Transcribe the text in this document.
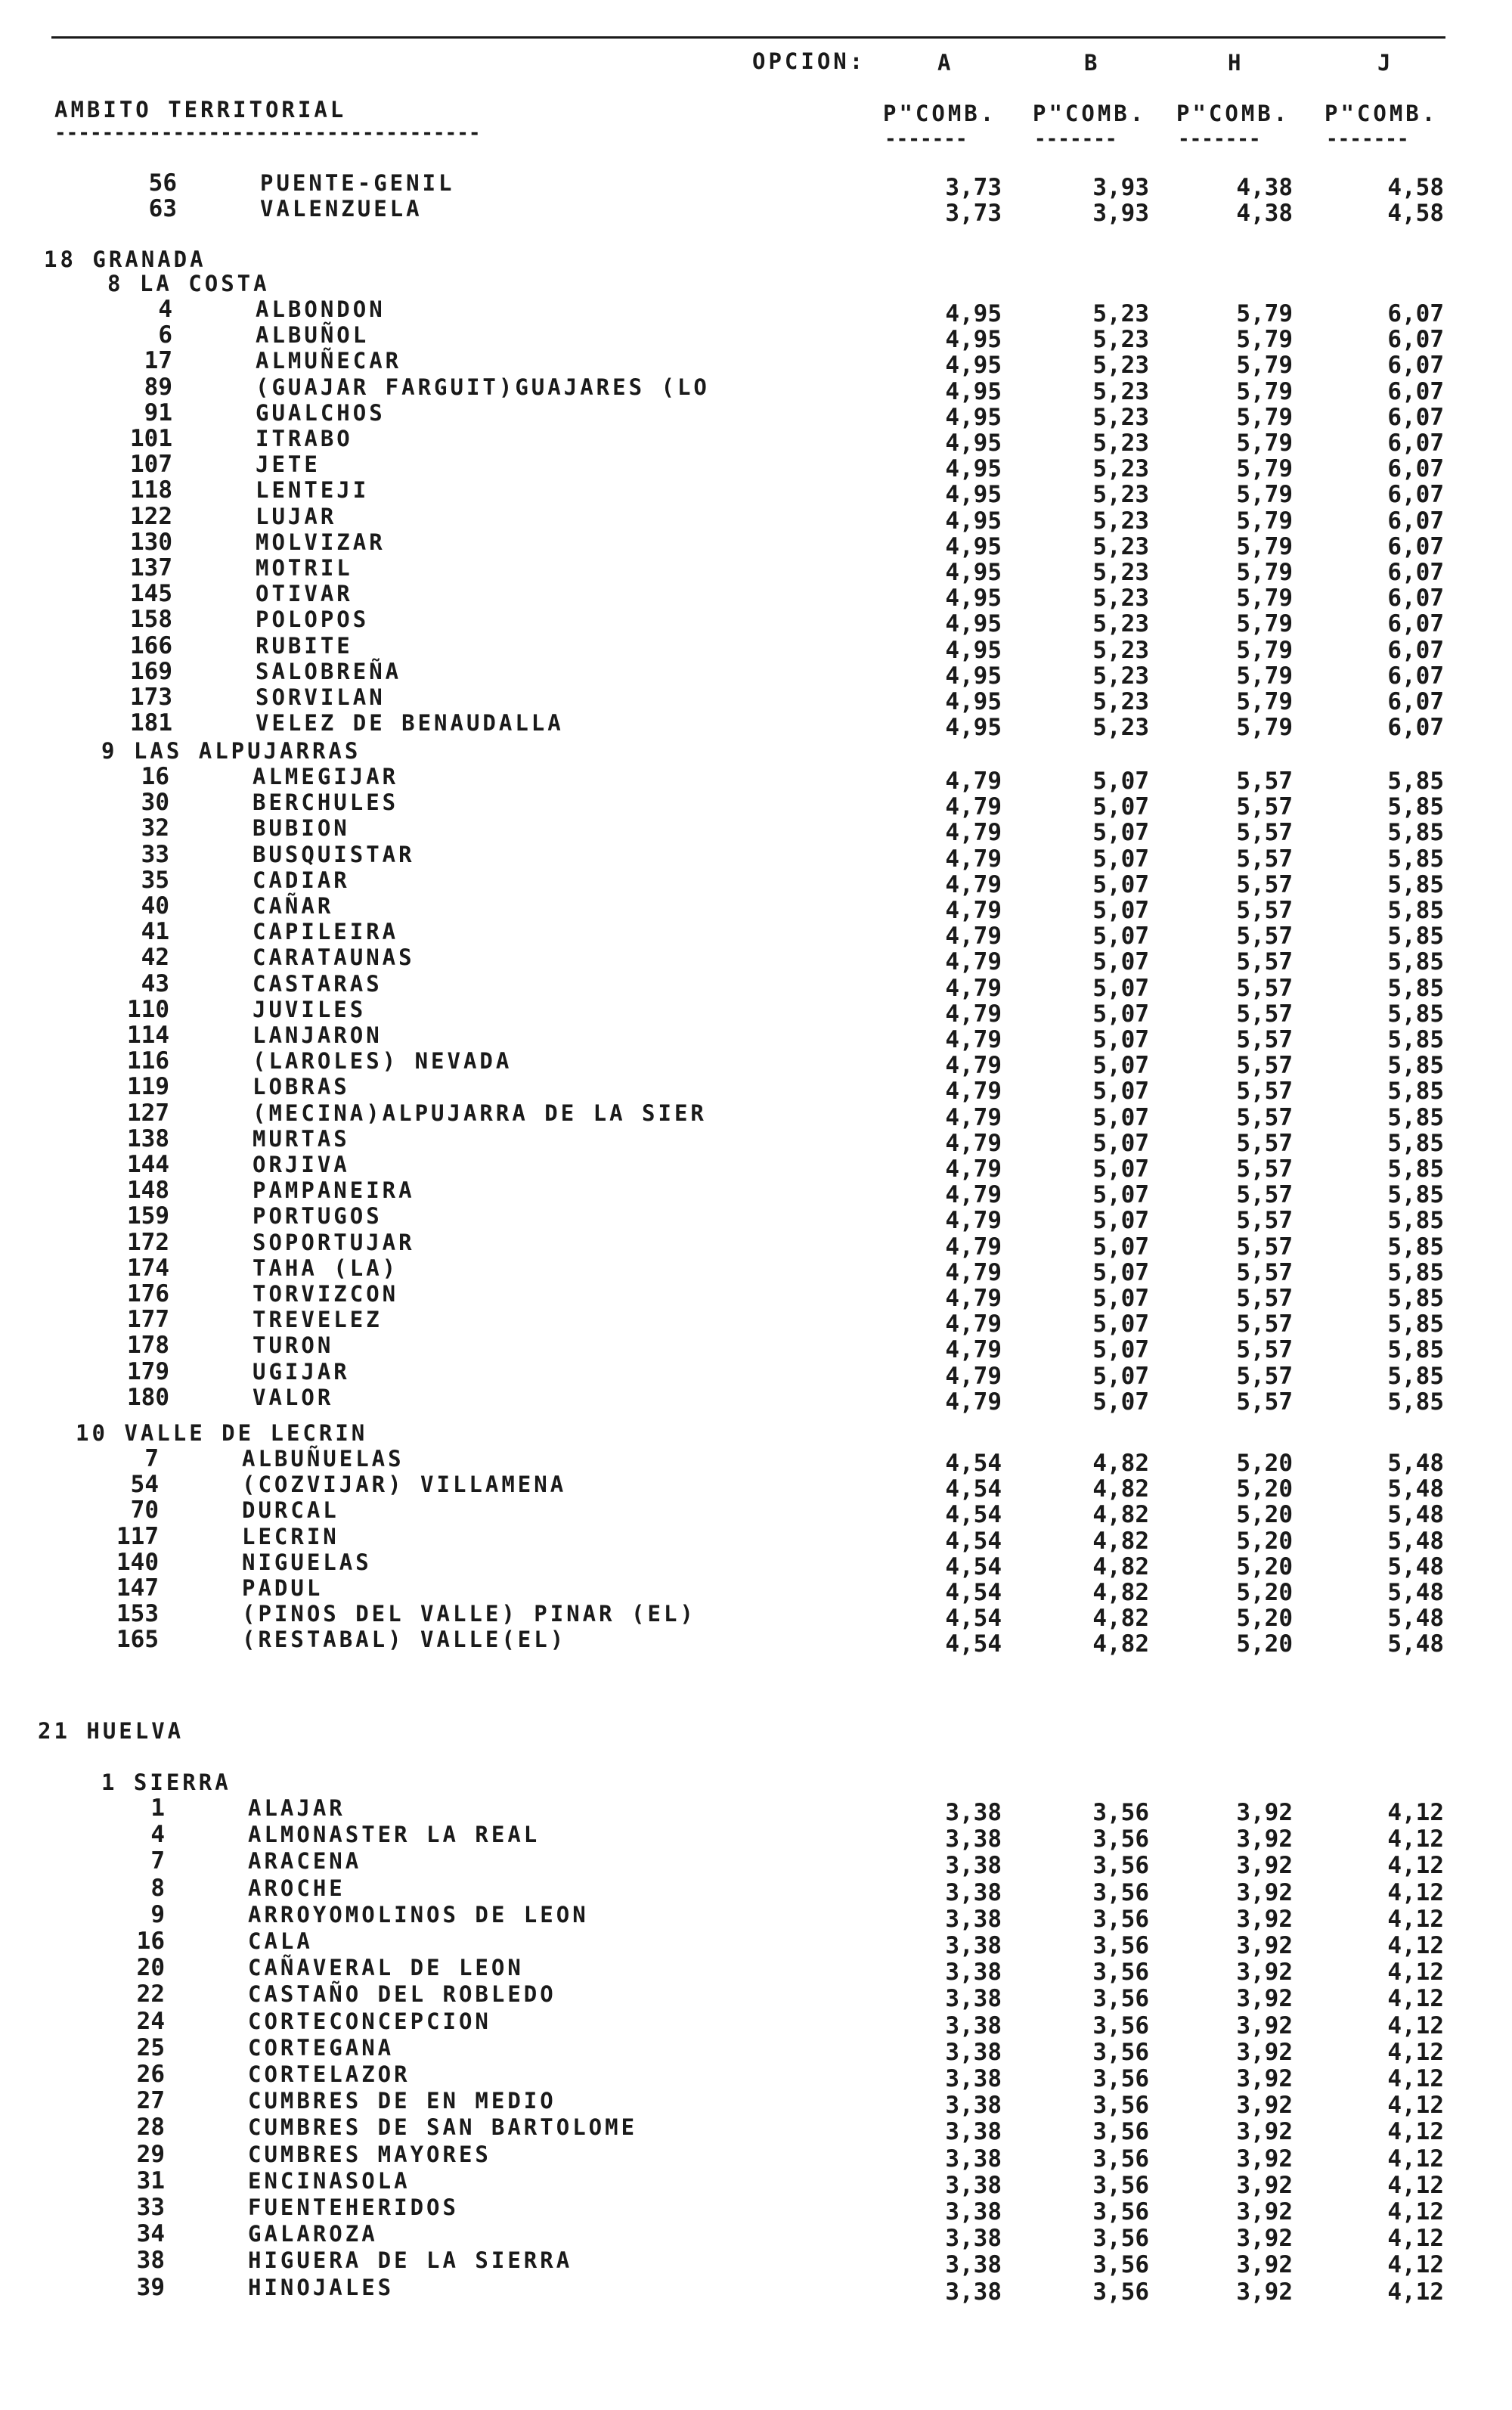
OPCION:	A	B	H	J
AMBITO TERRITORIAL
------------------------------------
P"COMB. P"COMB. P"COMB. P"COMB.
-------	-------	-------	-------
56	PUENTE-GENIL	3,73	3,93	4,38	4,58
63	VALENZUELA	3,73	3,93	4,38	4,58
18 GRANADA
8 LA COSTA
4	ALBONDON	4,95	5,23	5,79	6,07
6	ALBUÑOL	4,95	5,23	5,79	6,07
17	ALMUÑECAR	4,95	5,23	5,79	6,07
89	(GUAJAR FARGUIT)GUAJARES (LO	4,95	5,23	5,79	6,07
91	GUALCHOS	4,95	5,23	5,79	6,07
101	ITRABO	4,95	5,23	5,79	6,07
107	JETE	4,95	5,23	5,79	6,07
118	LENTEJI	4,95	5,23	5,79	6,07
122	LUJAR	4,95	5,23	5,79	6,07
130	MOLVIZAR	4,95	5,23	5,79	6,07
137	MOTRIL	4,95	5,23	5,79	6,07
145	OTIVAR	4,95	5,23	5,79	6,07
158	POLOPOS	4,95	5,23	5,79	6,07
166	RUBITE	4,95	5,23	5,79	6,07
169	SALOBREÑA	4,95	5,23	5,79	6,07
173	SORVILAN	4,95	5,23	5,79	6,07
181	VELEZ DE BENAUDALLA	4,95	5,23	5,79	6,07
9 LAS ALPUJARRAS
16	ALMEGIJAR	4,79	5,07	5,57	5,85
30	BERCHULES	4,79	5,07	5,57	5,85
32	BUBION	4,79	5,07	5,57	5,85
33	BUSQUISTAR	4,79	5,07	5,57	5,85
35	CADIAR	4,79	5,07	5,57	5,85
40	CAÑAR	4,79	5,07	5,57	5,85
41	CAPILEIRA	4,79	5,07	5,57	5,85
42	CARATAUNAS	4,79	5,07	5,57	5,85
43	CASTARAS	4,79	5,07	5,57	5,85
110	JUVILES	4,79	5,07	5,57	5,85
114	LANJARON	4,79	5,07	5,57	5,85
116	(LAROLES) NEVADA	4,79	5,07	5,57	5,85
119	LOBRAS	4,79	5,07	5,57	5,85
127	(MECINA)ALPUJARRA DE LA SIER	4,79	5,07	5,57	5,85
138	MURTAS	4,79	5,07	5,57	5,85
144	ORJIVA	4,79	5,07	5,57	5,85
148	PAMPANEIRA	4,79	5,07	5,57	5,85
159	PORTUGOS	4,79	5,07	5,57	5,85
172	SOPORTUJAR	4,79	5,07	5,57	5,85
174	TAHA (LA)	4,79	5,07	5,57	5,85
176	TORVIZCON	4,79	5,07	5,57	5,85
177	TREVELEZ	4,79	5,07	5,57	5,85
178	TURON	4,79	5,07	5,57	5,85
179	UGIJAR	4,79	5,07	5,57	5,85
180	VALOR	4,79	5,07	5,57	5,85
10 VALLE DE LECRIN
7	ALBUÑUELAS	4,54	4,82	5,20	5,48
54	(COZVIJAR) VILLAMENA	4,54	4,82	5,20	5,48
70	DURCAL	4,54	4,82	5,20	5,48
117	LECRIN	4,54	4,82	5,20	5,48
140	NIGUELAS	4,54	4,82	5,20	5,48
147	PADUL	4,54	4,82	5,20	5,48
153	(PINOS DEL VALLE) PINAR (EL)	4,54	4,82	5,20	5,48
165	(RESTABAL) VALLE(EL)	4,54	4,82	5,20	5,48
21 HUELVA
1 SIERRA
1	ALAJAR	3,38	3,56	3,92	4,12
4	ALMONASTER LA REAL	3,38	3,56	3,92	4,12
7	ARACENA	3,38	3,56	3,92	4,12
8	AROCHE	3,38	3,56	3,92	4,12
9	ARROYOMOLINOS DE LEON	3,38	3,56	3,92	4,12
16	CALA	3,38	3,56	3,92	4,12
20	CAÑAVERAL DE LEON	3,38	3,56	3,92	4,12
22	CASTAÑO DEL ROBLEDO	3,38	3,56	3,92	4,12
24	CORTECONCEPCION	3,38	3,56	3,92	4,12
25	CORTEGANA	3,38	3,56	3,92	4,12
26	CORTELAZOR	3,38	3,56	3,92	4,12
27	CUMBRES DE EN MEDIO	3,38	3,56	3,92	4,12
28	CUMBRES DE SAN BARTOLOME	3,38	3,56	3,92	4,12
29	CUMBRES MAYORES	3,38	3,56	3,92	4,12
31	ENCINASOLA	3,38	3,56	3,92	4,12
33	FUENTEHERIDOS	3,38	3,56	3,92	4,12
34	GALAROZA	3,38	3,56	3,92	4,12
38	HIGUERA DE LA SIERRA	3,38	3,56	3,92	4,12
39	HINOJALES	3,38	3,56	3,92	4,12
